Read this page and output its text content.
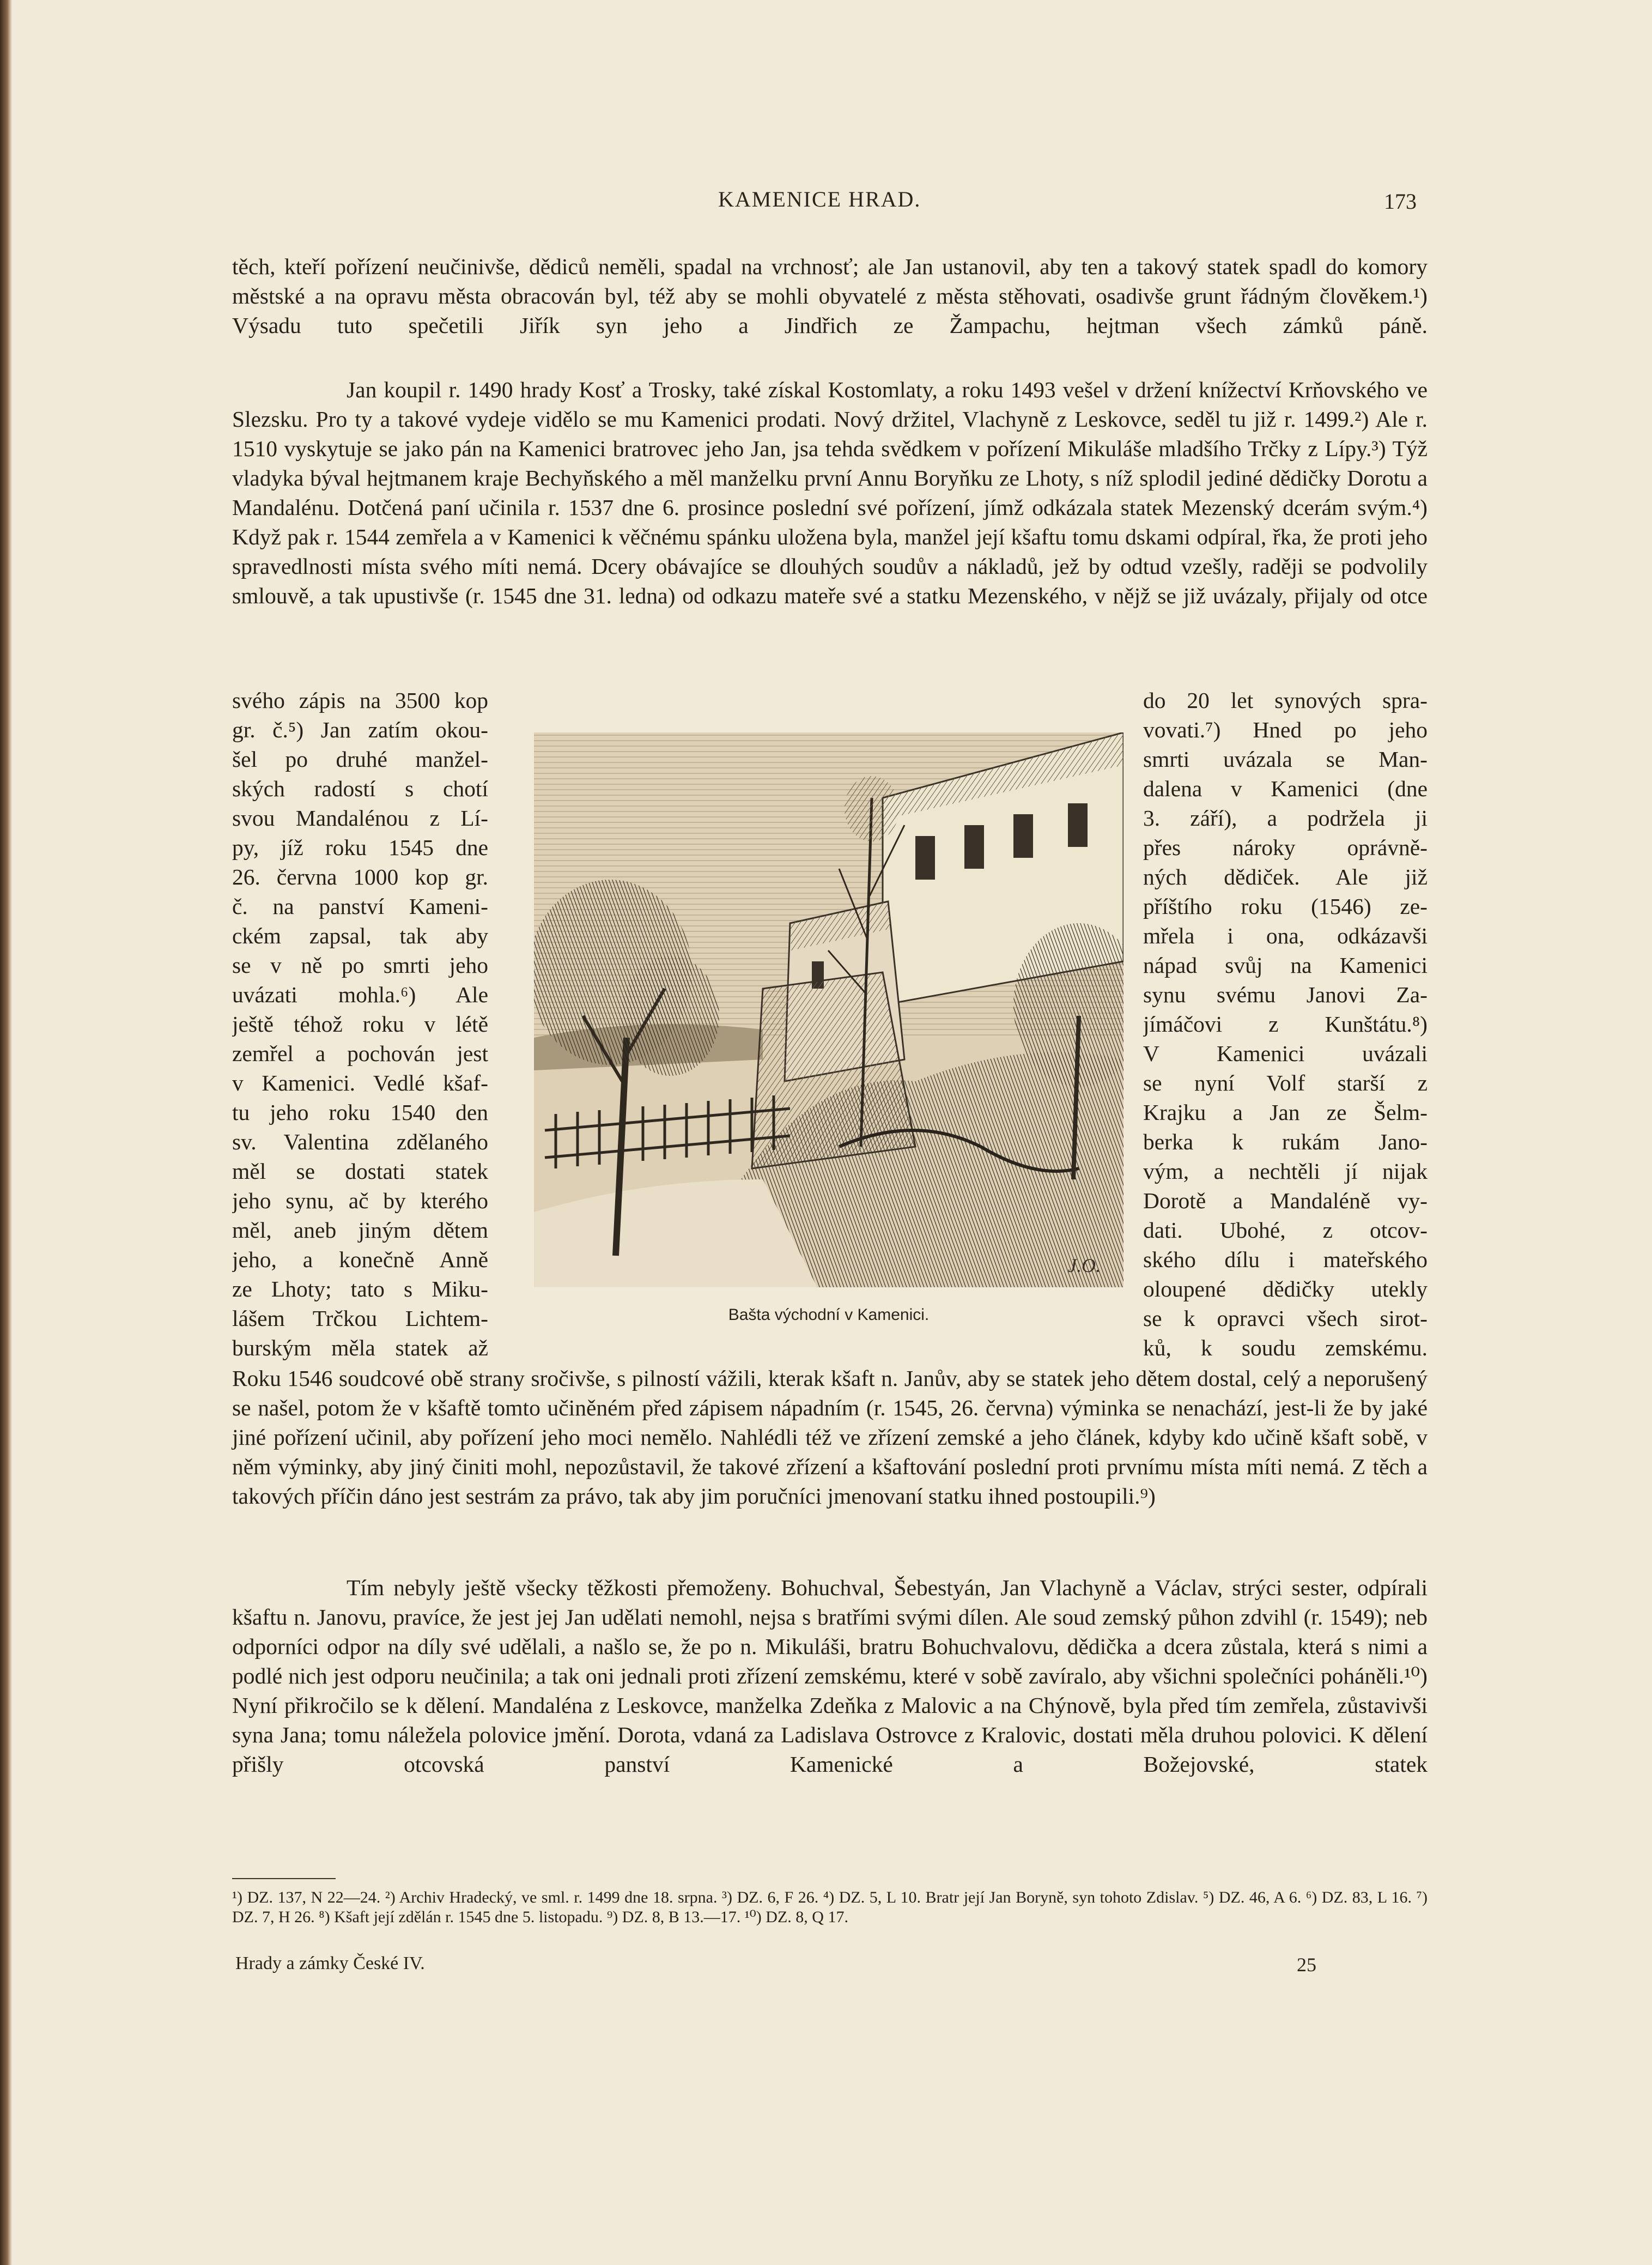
KAMENICE HRAD.	173

těch, kteří pořízení neučinivše, dědiců neměli, spadal na vrchnosť; ale Jan ustanovil, aby ten a takový statek spadl do komory městské a na opravu města obracován byl, též aby se mohli obyvatelé z města stěhovati, osadivše grunt řádným člověkem.¹) Výsadu tuto spečetili Jiřík syn jeho a Jindřich ze Žampachu, hejtman všech zámků páně.

Jan koupil r. 1490 hrady Kosť a Trosky, také získal Kostomlaty, a roku 1493 vešel v držení knížectví Krňovského ve Slezsku. Pro ty a takové vydeje vidělo se mu Kamenici prodati. Nový držitel, Vlachyně z Leskovce, seděl tu již r. 1499.²) Ale r. 1510 vyskytuje se jako pán na Kamenici bratrovec jeho Jan, jsa tehda svědkem v pořízení Mikuláše mladšího Trčky z Lípy.³) Týž vladyka býval hejtmanem kraje Bechyňského a měl manželku první Annu Boryňku ze Lhoty, s níž splodil jediné dědičky Dorotu a Mandalénu. Dotčená paní učinila r. 1537 dne 6. prosince poslední své pořízení, jímž odkázala statek Mezenský dcerám svým.⁴) Když pak r. 1544 zemřela a v Kamenici k věčnému spánku uložena byla, manžel její kšaftu tomu dskami odpíral, řka, že proti jeho spravedlnosti místa svého míti nemá. Dcery obávajíce se dlouhých soudův a nákladů, jež by odtud vzešly, raději se podvolily smlouvě, a tak upustivše (r. 1545 dne 31. ledna) od odkazu mateře své a statku Mezenského, v nějž se již uvázaly, přijaly od otce

svého zápis na 3500 kop
gr. č.⁵) Jan zatím okou-
šel po druhé manžel-
ských radostí s chotí
svou Mandalénou z Lí-
py, jíž roku 1545 dne
26. června 1000 kop gr.
č. na panství Kameni-
ckém zapsal, tak aby
se v ně po smrti jeho
uvázati mohla.⁶) Ale
ještě téhož roku v létě
zemřel a pochován jest
v Kamenici. Vedlé kšaf-
tu jeho roku 1540 den
sv. Valentina zdělaného
měl se dostati statek
jeho synu, ač by kterého
měl, aneb jiným dětem
jeho, a konečně Anně
ze Lhoty; tato s Miku-
lášem Trčkou Lichtem-
burským měla statek až
J.O.
Bašta východní v Kamenici.
do 20 let synových spra-
vovati.⁷) Hned po jeho
smrti uvázala se Man-
dalena v Kamenici (dne
3. září), a podržela ji
přes nároky oprávně-
ných dědiček. Ale již
příštího roku (1546) ze-
mřela i ona, odkázavši
nápad svůj na Kamenici
synu svému Janovi Za-
jímáčovi z Kunštátu.⁸)
V Kamenici uvázali
se nyní Volf starší z
Krajku a Jan ze Šelm-
berka k rukám Jano-
vým, a nechtěli jí nijak
Dorotě a Mandaléně vy-
dati. Ubohé, z otcov-
ského dílu i mateřského
oloupené dědičky utekly
se k opravci všech sirot-
ků, k soudu zemskému.

Roku 1546 soudcové obě strany sročivše, s pilností vážili, kterak kšaft n. Janův, aby se statek jeho dětem dostal, celý a neporušený se našel, potom že v kšaftě tomto učiněném před zápisem nápadním (r. 1545, 26. června) výminka se nenachází, jest-li že by jaké jiné pořízení učinil, aby pořízení jeho moci nemělo. Nahlédli též ve zřízení zemské a jeho článek, kdyby kdo učině kšaft sobě, v něm výminky, aby jiný činiti mohl, nepozůstavil, že takové zřízení a kšaftování poslední proti prvnímu místa míti nemá. Z těch a takových příčin dáno jest sestrám za právo, tak aby jim poručníci jmenovaní statku ihned postoupili.⁹)

Tím nebyly ještě všecky těžkosti přemoženy. Bohuchval, Šebestyán, Jan Vlachyně a Václav, strýci sester, odpírali kšaftu n. Janovu, pravíce, že jest jej Jan udělati nemohl, nejsa s bratřími svými dílen. Ale soud zemský půhon zdvihl (r. 1549); neb odporníci odpor na díly své udělali, a našlo se, že po n. Mikuláši, bratru Bohuchvalovu, dědička a dcera zůstala, která s nimi a podlé nich jest odporu neučinila; a tak oni jednali proti zřízení zemskému, které v sobě zavíralo, aby všichni společníci poháněli.¹⁰) Nyní přikročilo se k dělení. Mandaléna z Leskovce, manželka Zdeňka z Malovic a na Chýnově, byla před tím zemřela, zůstavivši syna Jana; tomu náležela polovice jmění. Dorota, vdaná za Ladislava Ostrovce z Kralovic, dostati měla druhou polovici. K dělení přišly otcovská panství Kamenické a Božejovské, statek

¹) DZ. 137, N 22—24. ²) Archiv Hradecký, ve sml. r. 1499 dne 18. srpna. ³) DZ. 6, F 26. ⁴) DZ. 5, L 10. Bratr její Jan Boryně, syn tohoto Zdislav. ⁵) DZ. 46, A 6. ⁶) DZ. 83, L 16. ⁷) DZ. 7, H 26. ⁸) Kšaft její zdělán r. 1545 dne 5. listopadu. ⁹) DZ. 8, B 13.—17. ¹⁰) DZ. 8, Q 17.

Hrady a zámky České IV.	25
